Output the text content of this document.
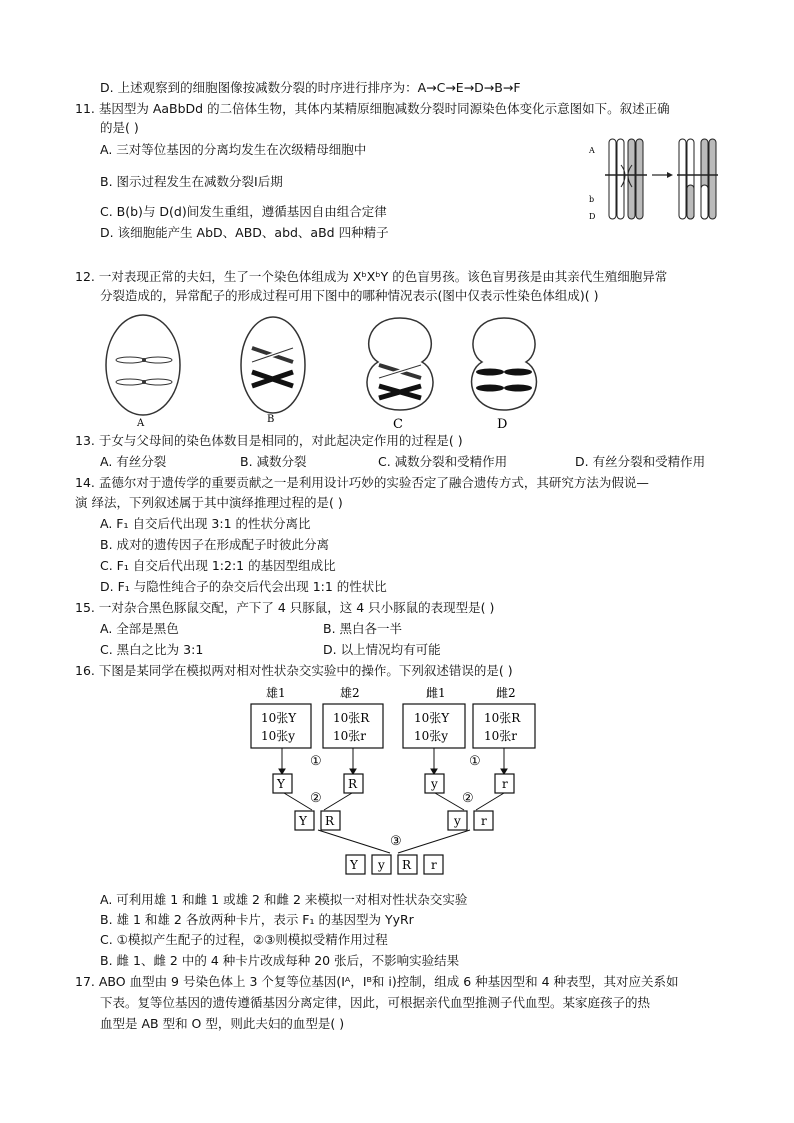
D. 上述观察到的细胞图像按减数分裂的时序进行排序为：A→C→E→D→B→F
11. 基因型为 AaBbDd 的二倍体生物，其体内某精原细胞减数分裂时同源染色体变化示意图如下。叙述正确
的是( )
A. 三对等位基因的分离均发生在次级精母细胞中
B. 图示过程发生在减数分裂Ⅰ后期
C. B(b)与 D(d)间发生重组，遵循基因自由组合定律
D. 该细胞能产生 AbD、ABD、abd、aBd 四种精子
A
b
D
12. 一对表现正常的夫妇，生了一个染色体组成为 XᵇXᵇY 的色盲男孩。该色盲男孩是由其亲代生殖细胞异常
分裂造成的，异常配子的形成过程可用下图中的哪种情况表示(图中仅表示性染色体组成)( )
A	B	C	D
13. 于女与父母间的染色体数目是相同的，对此起决定作用的过程是( )
A. 有丝分裂	B. 减数分裂	C. 减数分裂和受精作用	D. 有丝分裂和受精作用
14. 孟德尔对于遗传学的重要贡献之一是利用设计巧妙的实验否定了融合遗传方式，其研究方法为假说—
演 绎法，下列叙述属于其中演绎推理过程的是( )
A. F₁ 自交后代出现 3:1 的性状分离比
B. 成对的遗传因子在形成配子时彼此分离
C. F₁ 自交后代出现 1:2:1 的基因型组成比
D. F₁ 与隐性纯合子的杂交后代会出现 1:1 的性状比
15. 一对杂合黑色豚鼠交配，产下了 4 只豚鼠，这 4 只小豚鼠的表现型是( )
A. 全部是黑色	B. 黑白各一半
C. 黑白之比为 3:1	D. 以上情况均有可能
16. 下图是某同学在模拟两对相对性状杂交实验中的操作。下列叙述错误的是( )
雄1	雄2	雌1	雌2
10张Y
10张y
10张R
10张r
10张Y
10张y
10张R
10张r
①	①
Y	R	y	r
②	②
Y R	y r
③
Y y R r
A. 可利用雄 1 和雌 1 或雄 2 和雌 2 来模拟一对相对性状杂交实验
B. 雄 1 和雄 2 各放两种卡片，表示 F₁ 的基因型为 YyRr
C. ①模拟产生配子的过程，②③则模拟受精作用过程
B. 雌 1、雌 2 中的 4 种卡片改成每种 20 张后，不影响实验结果
17. ABO 血型由 9 号染色体上 3 个复等位基因(Iᴬ，Iᴮ和 i)控制，组成 6 种基因型和 4 种表型，其对应关系如
下表。复等位基因的遗传遵循基因分离定律，因此，可根据亲代血型推测子代血型。某家庭孩子的热
血型是 AB 型和 O 型，则此夫妇的血型是( )
